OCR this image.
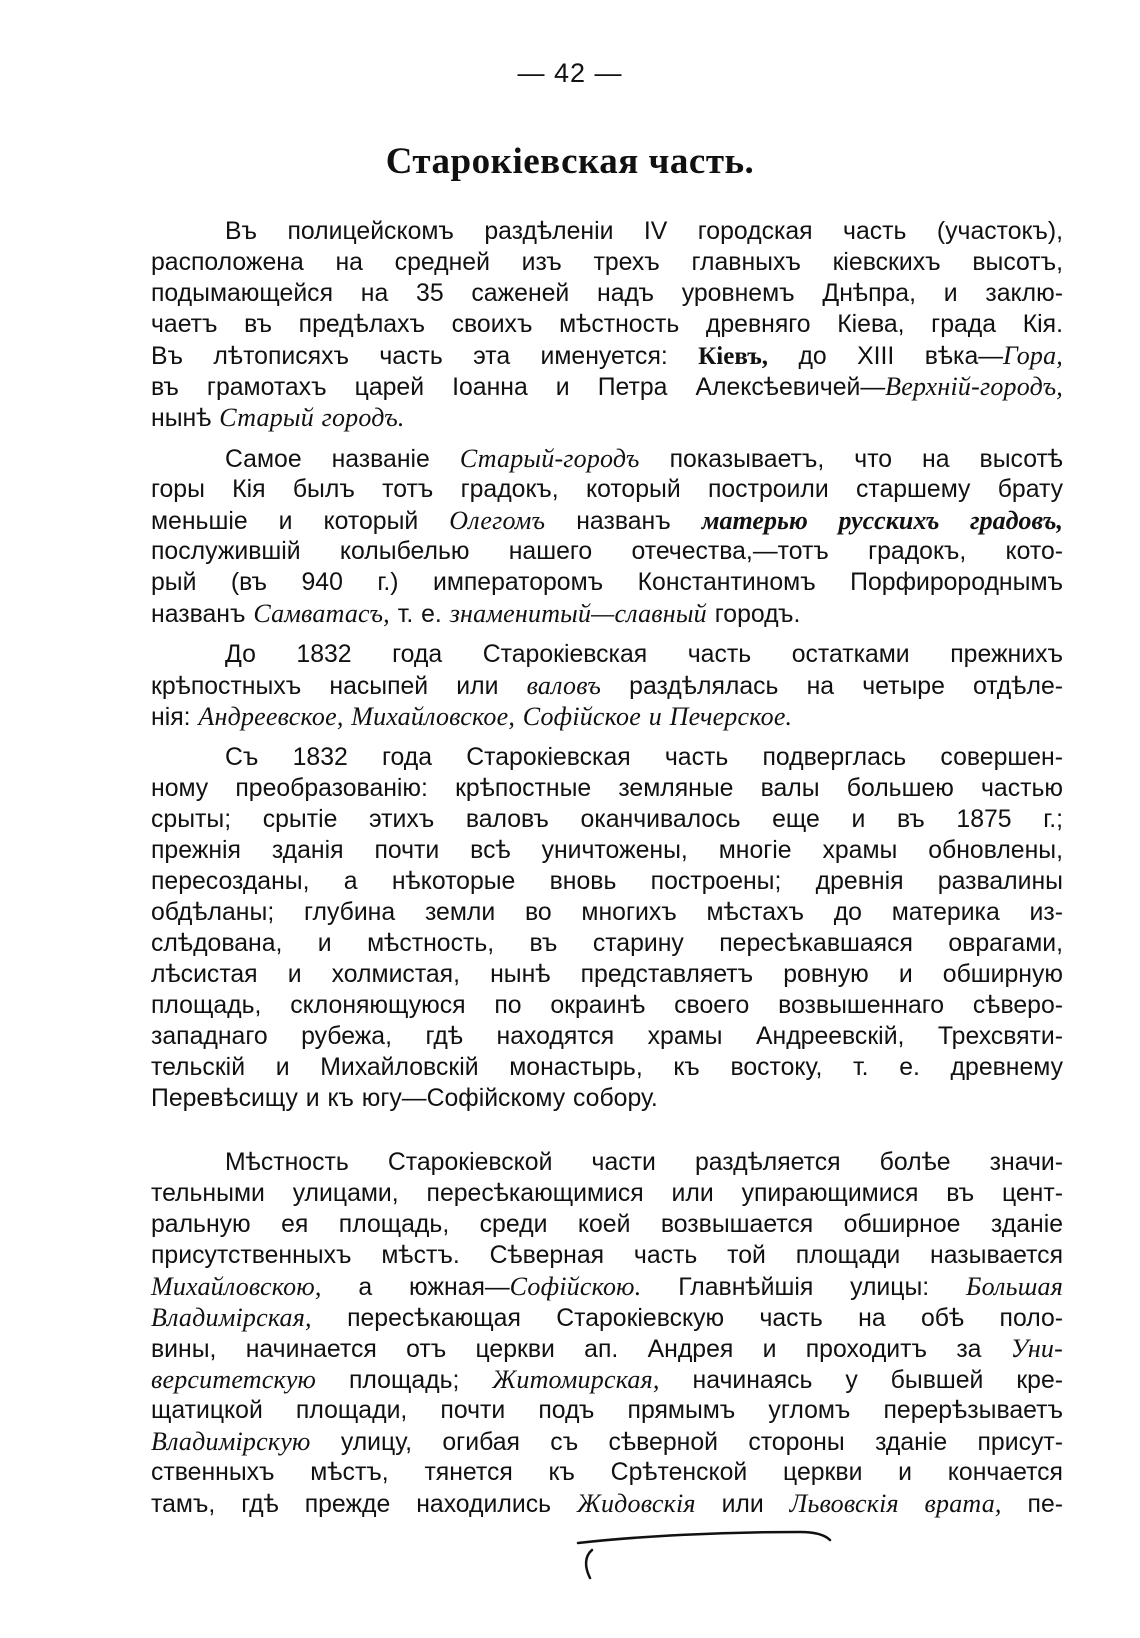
— 42 —
Старокіевская часть.
Въ полицейскомъ раздѣленіи IV городская часть (участокъ),
расположена на средней изъ трехъ главныхъ кіевскихъ высотъ,
подымающейся на 35 саженей надъ уровнемъ Днѣпра, и заклю-
чаетъ въ предѣлахъ своихъ мѣстность древняго Кіева, града Кія.
Въ лѣтописяхъ часть эта именуется: Кіевъ, до XIII вѣка—Гора,
въ грамотахъ царей Іоанна и Петра Алексѣевичей—Верхній-городъ,
нынѣ Старый городъ.
Самое названіе Старый-городъ показываетъ, что на высотѣ
горы Кія былъ тотъ градокъ, который построили старшему брату
меньшіе и который Олегомъ названъ матерью русскихъ градовъ,
послужившій колыбелью нашего отечества,—тотъ градокъ, кото-
рый (въ 940 г.) императоромъ Константиномъ Порфиророднымъ
названъ Самватасъ, т. е. знаменитый—славный городъ.
До 1832 года Старокіевская часть остатками прежнихъ
крѣпостныхъ насыпей или валовъ раздѣлялась на четыре отдѣле-
нія: Андреевское, Михайловское, Софійское и Печерское.
Съ 1832 года Старокіевская часть подверглась совершен-
ному преобразованію: крѣпостные земляные валы большею частью
срыты; срытіе этихъ валовъ оканчивалось еще и въ 1875 г.;
прежнія зданія почти всѣ уничтожены, многіе храмы обновлены,
пересозданы, а нѣкоторые вновь построены; древнія развалины
обдѣланы; глубина земли во многихъ мѣстахъ до материка из-
слѣдована, и мѣстность, въ старину пересѣкавшаяся оврагами,
лѣсистая и холмистая, нынѣ представляетъ ровную и обширную
площадь, склоняющуюся по окраинѣ своего возвышеннаго сѣверо-
западнаго рубежа, гдѣ находятся храмы Андреевскій, Трехсвяти-
тельскій и Михайловскій монастырь, къ востоку, т. е. древнему
Перевѣсищу и къ югу—Софійскому собору.
Мѣстность Старокіевской части раздѣляется болѣе значи-
тельными улицами, пересѣкающимися или упирающимися въ цент-
ральную ея площадь, среди коей возвышается обширное зданіе
присутственныхъ мѣстъ. Сѣверная часть той площади называется
Михайловскою, а южная—Софійскою. Главнѣйшія улицы: Большая
Владимірская, пересѣкающая Старокіевскую часть на обѣ поло-
вины, начинается отъ церкви ап. Андрея и проходитъ за Уни-
верситетскую площадь; Житомирская, начинаясь у бывшей кре-
щатицкой площади, почти подъ прямымъ угломъ перерѣзываетъ
Владимірскую улицу, огибая съ сѣверной стороны зданіе присут-
ственныхъ мѣстъ, тянется къ Срѣтенской церкви и кончается
тамъ, гдѣ прежде находились Жидовскія или Львовскія врата, пе-
